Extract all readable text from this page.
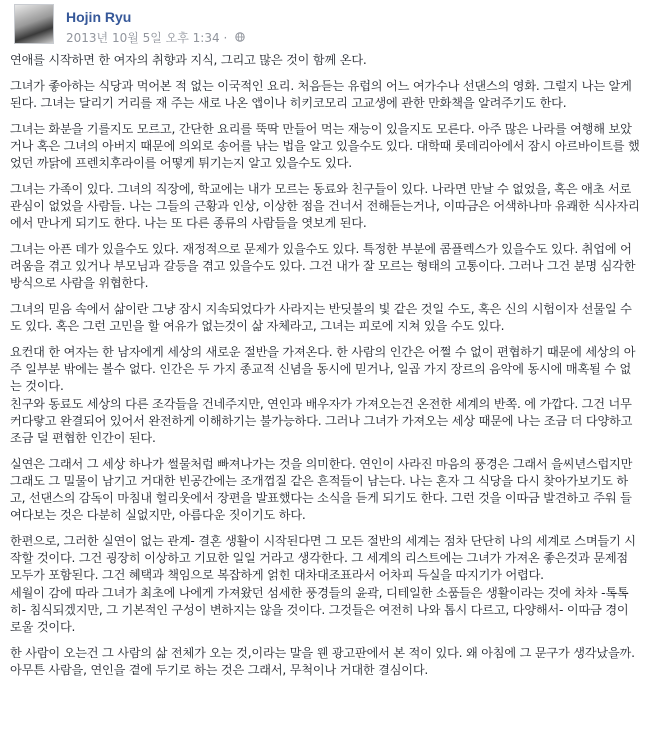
Hojin Ryu
2013년 10월 5일 오후 1:34 ·

연애를 시작하면 한 여자의 취향과 지식, 그리고 많은 것이 함께 온다.

그녀가 좋아하는 식당과 먹어본 적 없는 이국적인 요리. 처음듣는 유럽의 어느 여가수나 선댄스의 영화. 그럴지 나는 알게된다. 그녀는 달리기 거리를 재 주는 새로 나온 앱이나 히키코모리 고교생에 관한 만화책을 알려주기도 한다.

그녀는 화분을 기를지도 모르고, 간단한 요리를 뚝딱 만들어 먹는 재능이 있을지도 모른다. 아주 많은 나라를 여행해 보았거나 혹은 그녀의 아버지 때문에 의외로 송어를 낚는 법을 알고 있을수도 있다. 대학때 롯데리아에서 잠시 아르바이트를 했었던 까닭에 프렌치후라이를 어떻게 튀기는지 알고 있을수도 있다.

그녀는 가족이 있다. 그녀의 직장에, 학교에는 내가 모르는 동료와 친구들이 있다. 나라면 만날 수 없었을, 혹은 애초 서로 관심이 없었을 사람들. 나는 그들의 근황과 인상, 이상한 점을 건너서 전해듣는거나, 이따금은 어색하나마 유쾌한 식사자리에서 만나게 되기도 한다. 나는 또 다른 종류의 사람들을 엿보게 된다.

그녀는 아픈 데가 있을수도 있다. 재정적으로 문제가 있을수도 있다. 특정한 부분에 콤플렉스가 있을수도 있다. 취업에 어려움을 겪고 있거나 부모님과 갈등을 겪고 있을수도 있다. 그건 내가 잘 모르는 형태의 고통이다. 그러나 그건 분명 심각한 방식으로 사람을 위협한다.

그녀의 믿음 속에서 삶이란 그냥 잠시 지속되었다가 사라지는 반딧불의 빛 같은 것일 수도, 혹은 신의 시험이자 선물일 수도 있다. 혹은 그런 고민을 할 여유가 없는것이 삶 자체라고, 그녀는 피로에 지쳐 있을 수도 있다.

요컨대 한 여자는 한 남자에게 세상의 새로운 절반을 가져온다. 한 사람의 인간은 어쩔 수 없이 편협하기 때문에 세상의 아주 일부분 밖에는 볼수 없다. 인간은 두 가지 종교적 신념을 동시에 믿거나, 일곱 가지 장르의 음악에 동시에 매혹될 수 없는 것이다.

친구와 동료도 세상의 다른 조각들을 건네주지만, 연인과 배우자가 가져오는건 온전한 세계의 반쪽. 에 가깝다. 그건 너무 커다랗고 완결되어 있어서 완전하게 이해하기는 불가능하다. 그러나 그녀가 가져오는 세상 때문에 나는 조금 더 다양하고 조금 덜 편협한 인간이 된다.

실연은 그래서 그 세상 하나가 썰물처럼 빠져나가는 것을 의미한다. 연인이 사라진 마음의 풍경은 그래서 을씨년스럽지만 그래도 그 밀물이 남기고 거대한 빈공간에는 조개껍질 같은 흔적들이 남는다. 나는 혼자 그 식당을 다시 찾아가보기도 하고, 선댄스의 감독이 마침내 헐리웃에서 장편을 발표했다는 소식을 듣게 되기도 한다. 그런 것을 이따금 발견하고 주워 들여다보는 것은 다분히 실없지만, 아름다운 짓이기도 하다.

한편으로, 그러한 실연이 없는 관계- 결혼 생활이 시작된다면 그 모든 절반의 세계는 점차 단단히 나의 세계로 스며들기 시작할 것이다. 그건 굉장히 이상하고 기묘한 일일 거라고 생각한다. 그 세계의 리스트에는 그녀가 가져온 좋은것과 문제점 모두가 포함된다. 그건 혜택과 책임으로 복잡하게 얽힌 대차대조표라서 어차피 득실을 따지기가 어렵다.

세월이 감에 따라 그녀가 최초에 나에게 가져왔던 섬세한 풍경들의 윤곽, 디테일한 소품들은 생활이라는 것에 차차 -톡톡히- 침식되겠지만, 그 기본적인 구성이 변하지는 않을 것이다. 그것들은 여전히 나와 톱시 다르고, 다양해서- 이따금 경이로울 것이다.

한 사람이 오는건 그 사람의 삶 전체가 오는 것,이라는 말을 웬 광고판에서 본 적이 있다. 왜 아침에 그 문구가 생각났을까. 아무튼 사람을, 연인을 곁에 두기로 하는 것은 그래서, 무척이나 거대한 결심이다.
